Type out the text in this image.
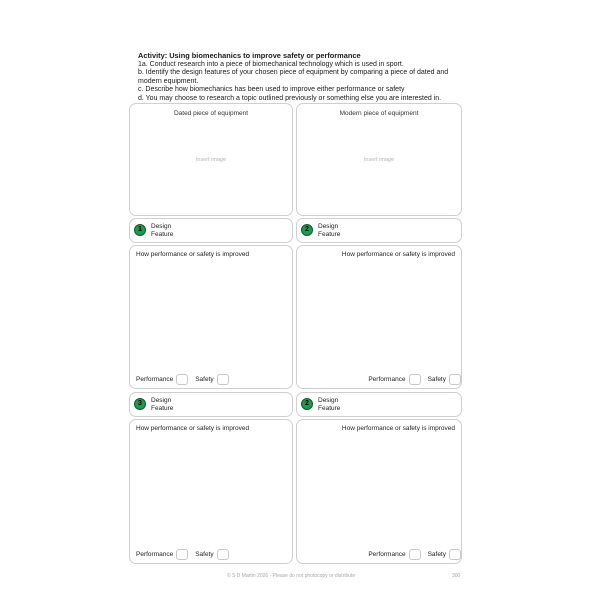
Activity: Using biomechanics to improve safety or performance
1a. Conduct research into a piece of biomechanical technology which is used in sport.
b. Identify the design features of your chosen piece of equipment by comparing a piece of dated and modern equipment.
c. Describe how biomechanics has been used to improve either performance or safety
d. You may choose to research a topic outlined previously or something else you are interested in.
Dated piece of equipment
Insert image
Modern piece of equipment
Insert image
1	Design
Feature
2	Design
Feature
How performance or safety is improved
Performance	Safety
How performance or safety is improved
Performance	Safety
3	Design
Feature
2	Design
Feature
How performance or safety is improved
Performance	Safety
How performance or safety is improved
Performance	Safety
© S D Martin 2026 - Please do not photocopy or distribute	300
